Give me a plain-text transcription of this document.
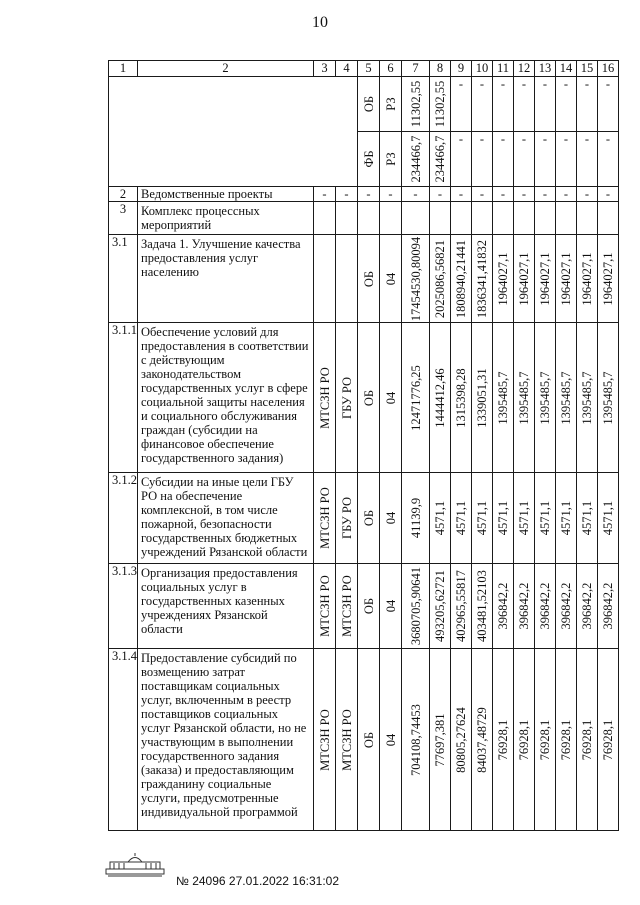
10
1	2	3	4	5	6	7	8	9	10	11	12	13	14	15	16

				ОБ	РЗ	11302,55	11302,55	-	-	-	-	-	-	-	-

				ФБ	РЗ	234466,7	234466,7	-	-	-	-	-	-	-	-
2	Ведомственные проекты	-	-	-	-	-	-	-	-	-	-	-	-	-	-
3	Комплекс процессных мероприятий														
3.1	Задача 1. Улучшение качества предоставления услуг населению			ОБ	04	17454530,80094	2025086,56821	1808940,21441	1836341,41832	1964027,1	1964027,1	1964027,1	1964027,1	1964027,1	1964027,1

3.1.1	Обеспечение условий для предоставления в соответствии с действующим законодательством государственных услуг в сфере социальной защиты населения и социального обслуживания граждан (субсидии на финансовое обеспечение государственного задания)	МТСЗН РО	ГБУ РО	ОБ	04	12471776,25	1444412,46	1315398,28	1339051,31	1395485,7	1395485,7	1395485,7	1395485,7	1395485,7	1395485,7

3.1.2	Субсидии на иные цели ГБУ РО на обеспечение комплексной, в том числе пожарной, безопасности государственных бюджетных учреждений Рязанской области	МТСЗН РО	ГБУ РО	ОБ	04	41139,9	4571,1	4571,1	4571,1	4571,1	4571,1	4571,1	4571,1	4571,1	4571,1

3.1.3	Организация предоставления социальных услуг в государственных казенных учреждениях Рязанской области	МТСЗН РО	МТСЗН РО	ОБ	04	3680705,90641	493205,62721	402965,55817	403481,52103	396842,2	396842,2	396842,2	396842,2	396842,2	396842,2

3.1.4	Предоставление субсидий по возмещению затрат поставщикам социальных услуг, включенным в реестр поставщиков социальных услуг Рязанской области, но не участвующим в выполнении государственного задания (заказа) и предоставляющим гражданину социальные услуги, предусмотренные индивидуальной программой	МТСЗН РО	МТСЗН РО	ОБ	04	704108,74453	77697,381	80805,27624	84037,48729	76928,1	76928,1	76928,1	76928,1	76928,1	76928,1
№ 24096 27.01.2022 16:31:02
